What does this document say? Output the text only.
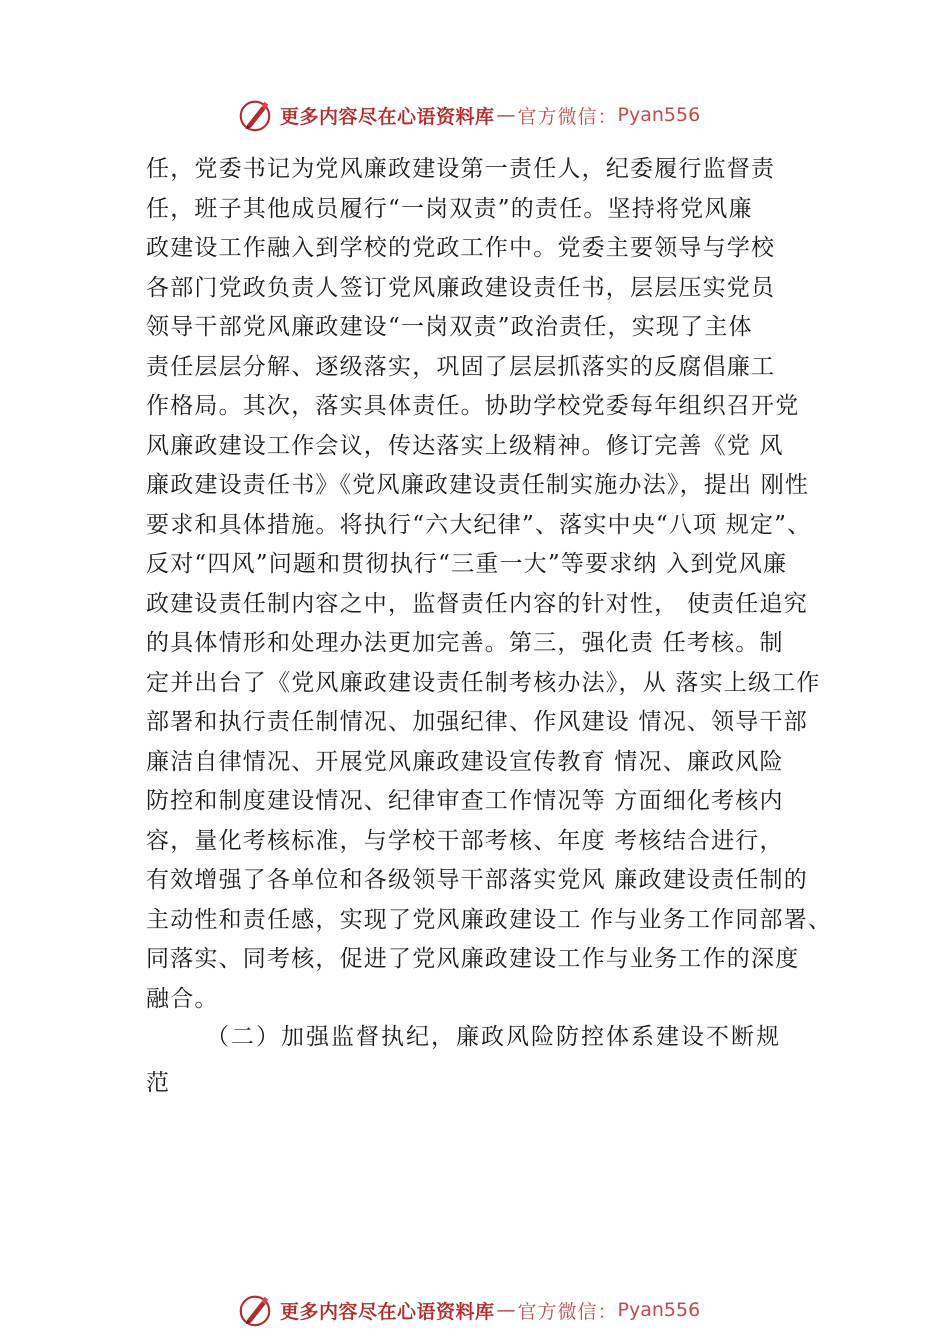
更多内容尽在心语资料库 — 官方微信： Pyan556
任，党委书记为党风廉政建设第一责任人，纪委履行监督责
任，班子其他成员履行“一岗双责”的责任。坚持将党风廉
政建设工作融入到学校的党政工作中。党委主要领导与学校
各部门党政负责人签订党风廉政建设责任书，层层压实党员
领导干部党风廉政建设“一岗双责”政治责任，实现了主体
责任层层分解、逐级落实，巩固了层层抓落实的反腐倡廉工
作格局。其次，落实具体责任。协助学校党委每年组织召开党
风廉政建设工作会议，传达落实上级精神。修订完善《党 风
廉政建设责任书》《党风廉政建设责任制实施办法》，提出 刚性
要求和具体措施。将执行“六大纪律”、落实中央“八项 规定”、
反对“四风”问题和贯彻执行“三重一大”等要求纳 入到党风廉
政建设责任制内容之中，监督责任内容的针对性， 使责任追究
的具体情形和处理办法更加完善。第三，强化责 任考核。制
定并出台了《党风廉政建设责任制考核办法》，从 落实上级工作
部署和执行责任制情况、加强纪律、作风建设 情况、领导干部
廉洁自律情况、开展党风廉政建设宣传教育 情况、廉政风险
防控和制度建设情况、纪律审查工作情况等 方面细化考核内
容，量化考核标准，与学校干部考核、年度 考核结合进行，
有效增强了各单位和各级领导干部落实党风 廉政建设责任制的
主动性和责任感，实现了党风廉政建设工 作与业务工作同部署、
同落实、同考核，促进了党风廉政建设工作与业务工作的深度
融合。
（二）加强监督执纪，廉政风险防控体系建设不断规
范
更多内容尽在心语资料库 — 官方微信： Pyan556
